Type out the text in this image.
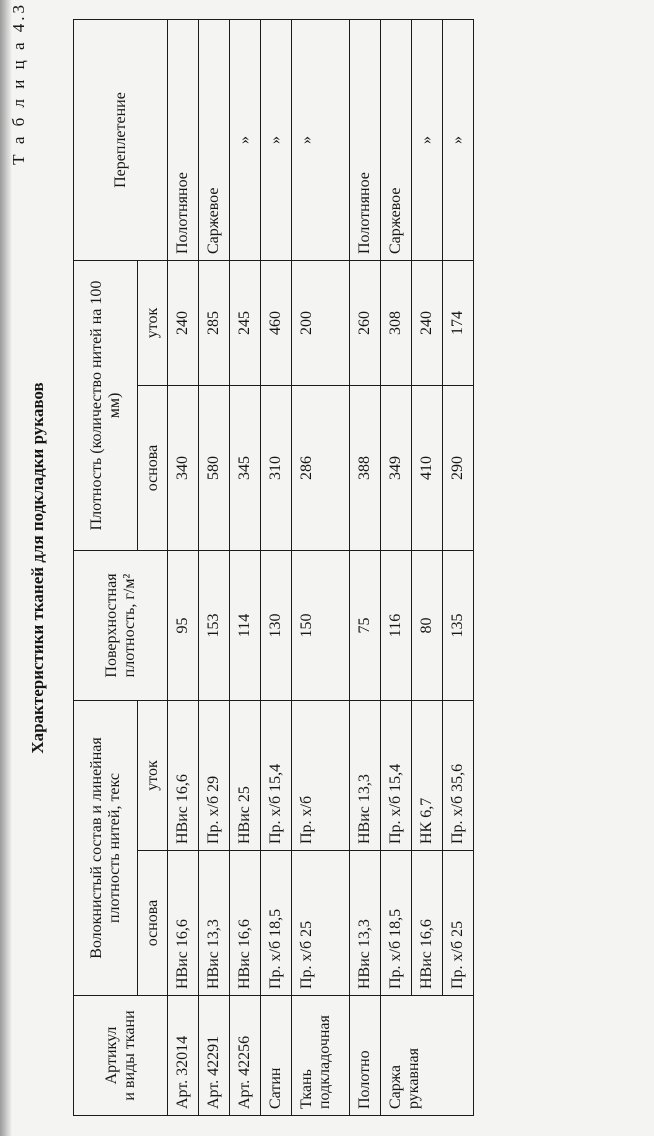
Т а б л и ц а 4.3
Характеристики тканей для подкладки рукавов
Артикул
и виды ткани	Волокнистый состав и линейная плотность нитей, текс		Поверхностная плотность, г/м²	Плотность (количество нитей на 100 мм)		Переплетение
	основа	уток		основа	уток	
Арт. 32014	НВис 16,6	НВис 16,6	95	340	240	Полотняное
Арт. 42291	НВис 13,3	Пр. х/б 29	153	580	285	Саржевое
Арт. 42256	НВис 16,6	НВис 25	114	345	245	»
Сатин	Пр. х/б 18,5	Пр. х/б 15,4	130	310	460	»
Ткань подкладочная	Пр. х/б 25	Пр. х/б	150	286	200	»
Полотно	НВис 13,3	НВис 13,3	75	388	260	Полотняное
Саржа рукавная	Пр. х/б 18,5	Пр. х/б 15,4	116	349	308	Саржевое
	НВис 16,6	НК 6,7	80	410	240	»
	Пр. х/б 25	Пр. х/б 35,6	135	290	174	»
